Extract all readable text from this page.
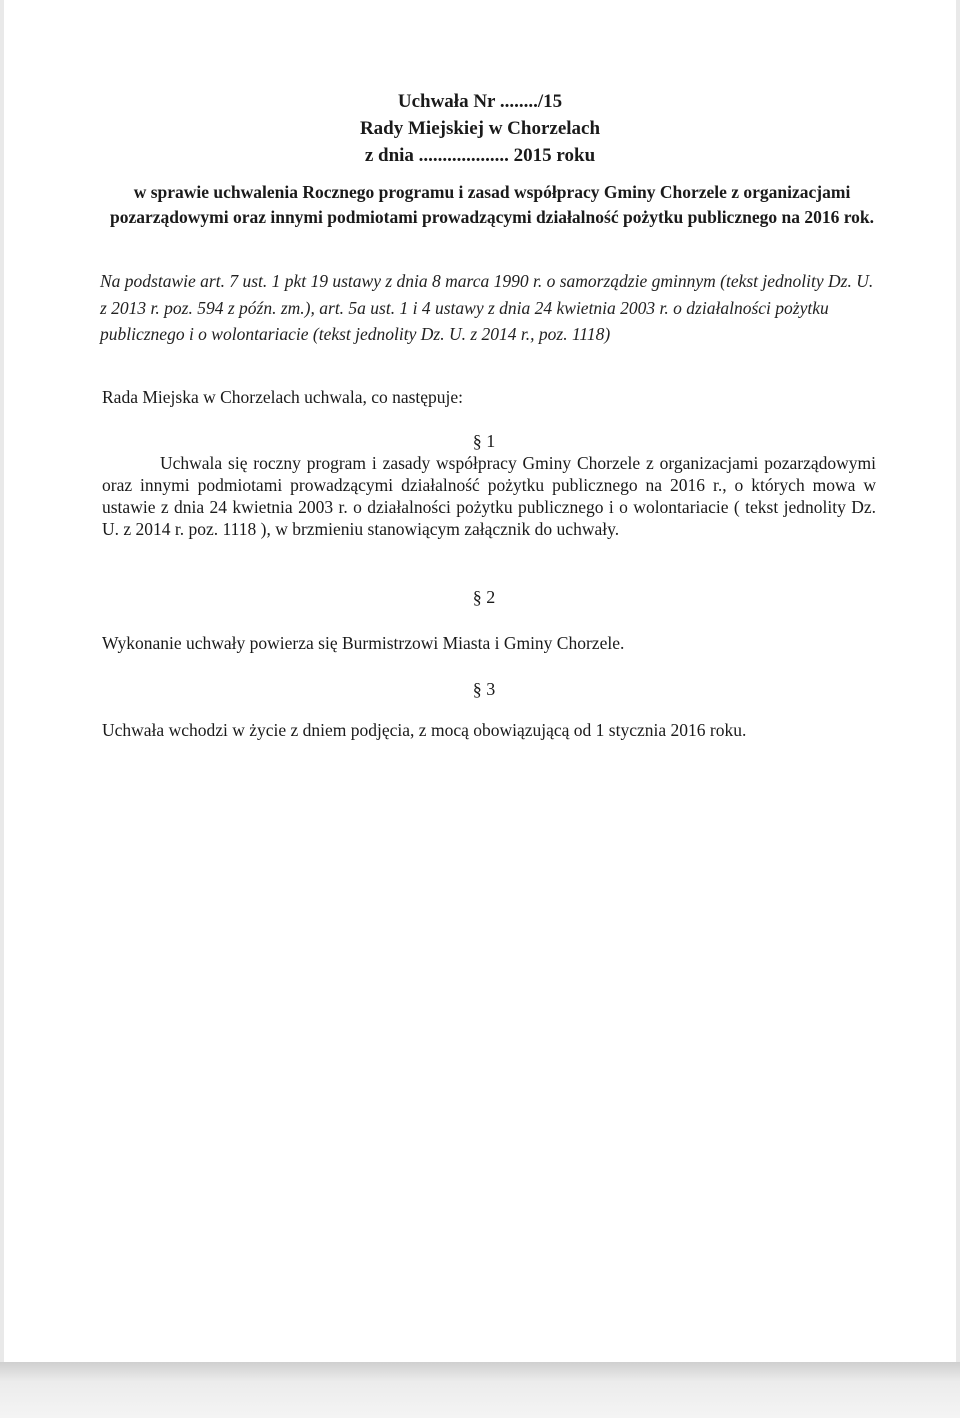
Uchwała Nr ......../15
Rady Miejskiej w Chorzelach
z dnia ................... 2015 roku
w sprawie uchwalenia Rocznego programu i zasad współpracy Gminy Chorzele z organizacjami pozarządowymi oraz innymi podmiotami prowadzącymi działalność pożytku publicznego na 2016 rok.
Na podstawie art. 7 ust. 1 pkt 19 ustawy z dnia 8 marca 1990 r. o samorządzie gminnym (tekst jednolity Dz. U. z 2013 r. poz. 594 z późn. zm.), art. 5a ust. 1 i 4 ustawy z dnia 24 kwietnia 2003 r. o działalności pożytku publicznego i o wolontariacie (tekst jednolity Dz. U. z 2014 r., poz. 1118)
Rada Miejska w Chorzelach uchwala, co następuje:
§ 1
Uchwala się roczny program i zasady współpracy Gminy Chorzele z organizacjami pozarządowymi oraz innymi podmiotami prowadzącymi działalność pożytku publicznego na 2016 r., o których mowa w ustawie z dnia 24 kwietnia 2003 r. o działalności pożytku publicznego i o wolontariacie ( tekst jednolity Dz. U. z 2014 r. poz. 1118 ), w brzmieniu stanowiącym załącznik do uchwały.
§ 2
Wykonanie uchwały powierza się Burmistrzowi Miasta i Gminy Chorzele.
§ 3
Uchwała wchodzi w życie z dniem podjęcia, z mocą obowiązującą od 1 stycznia 2016 roku.
